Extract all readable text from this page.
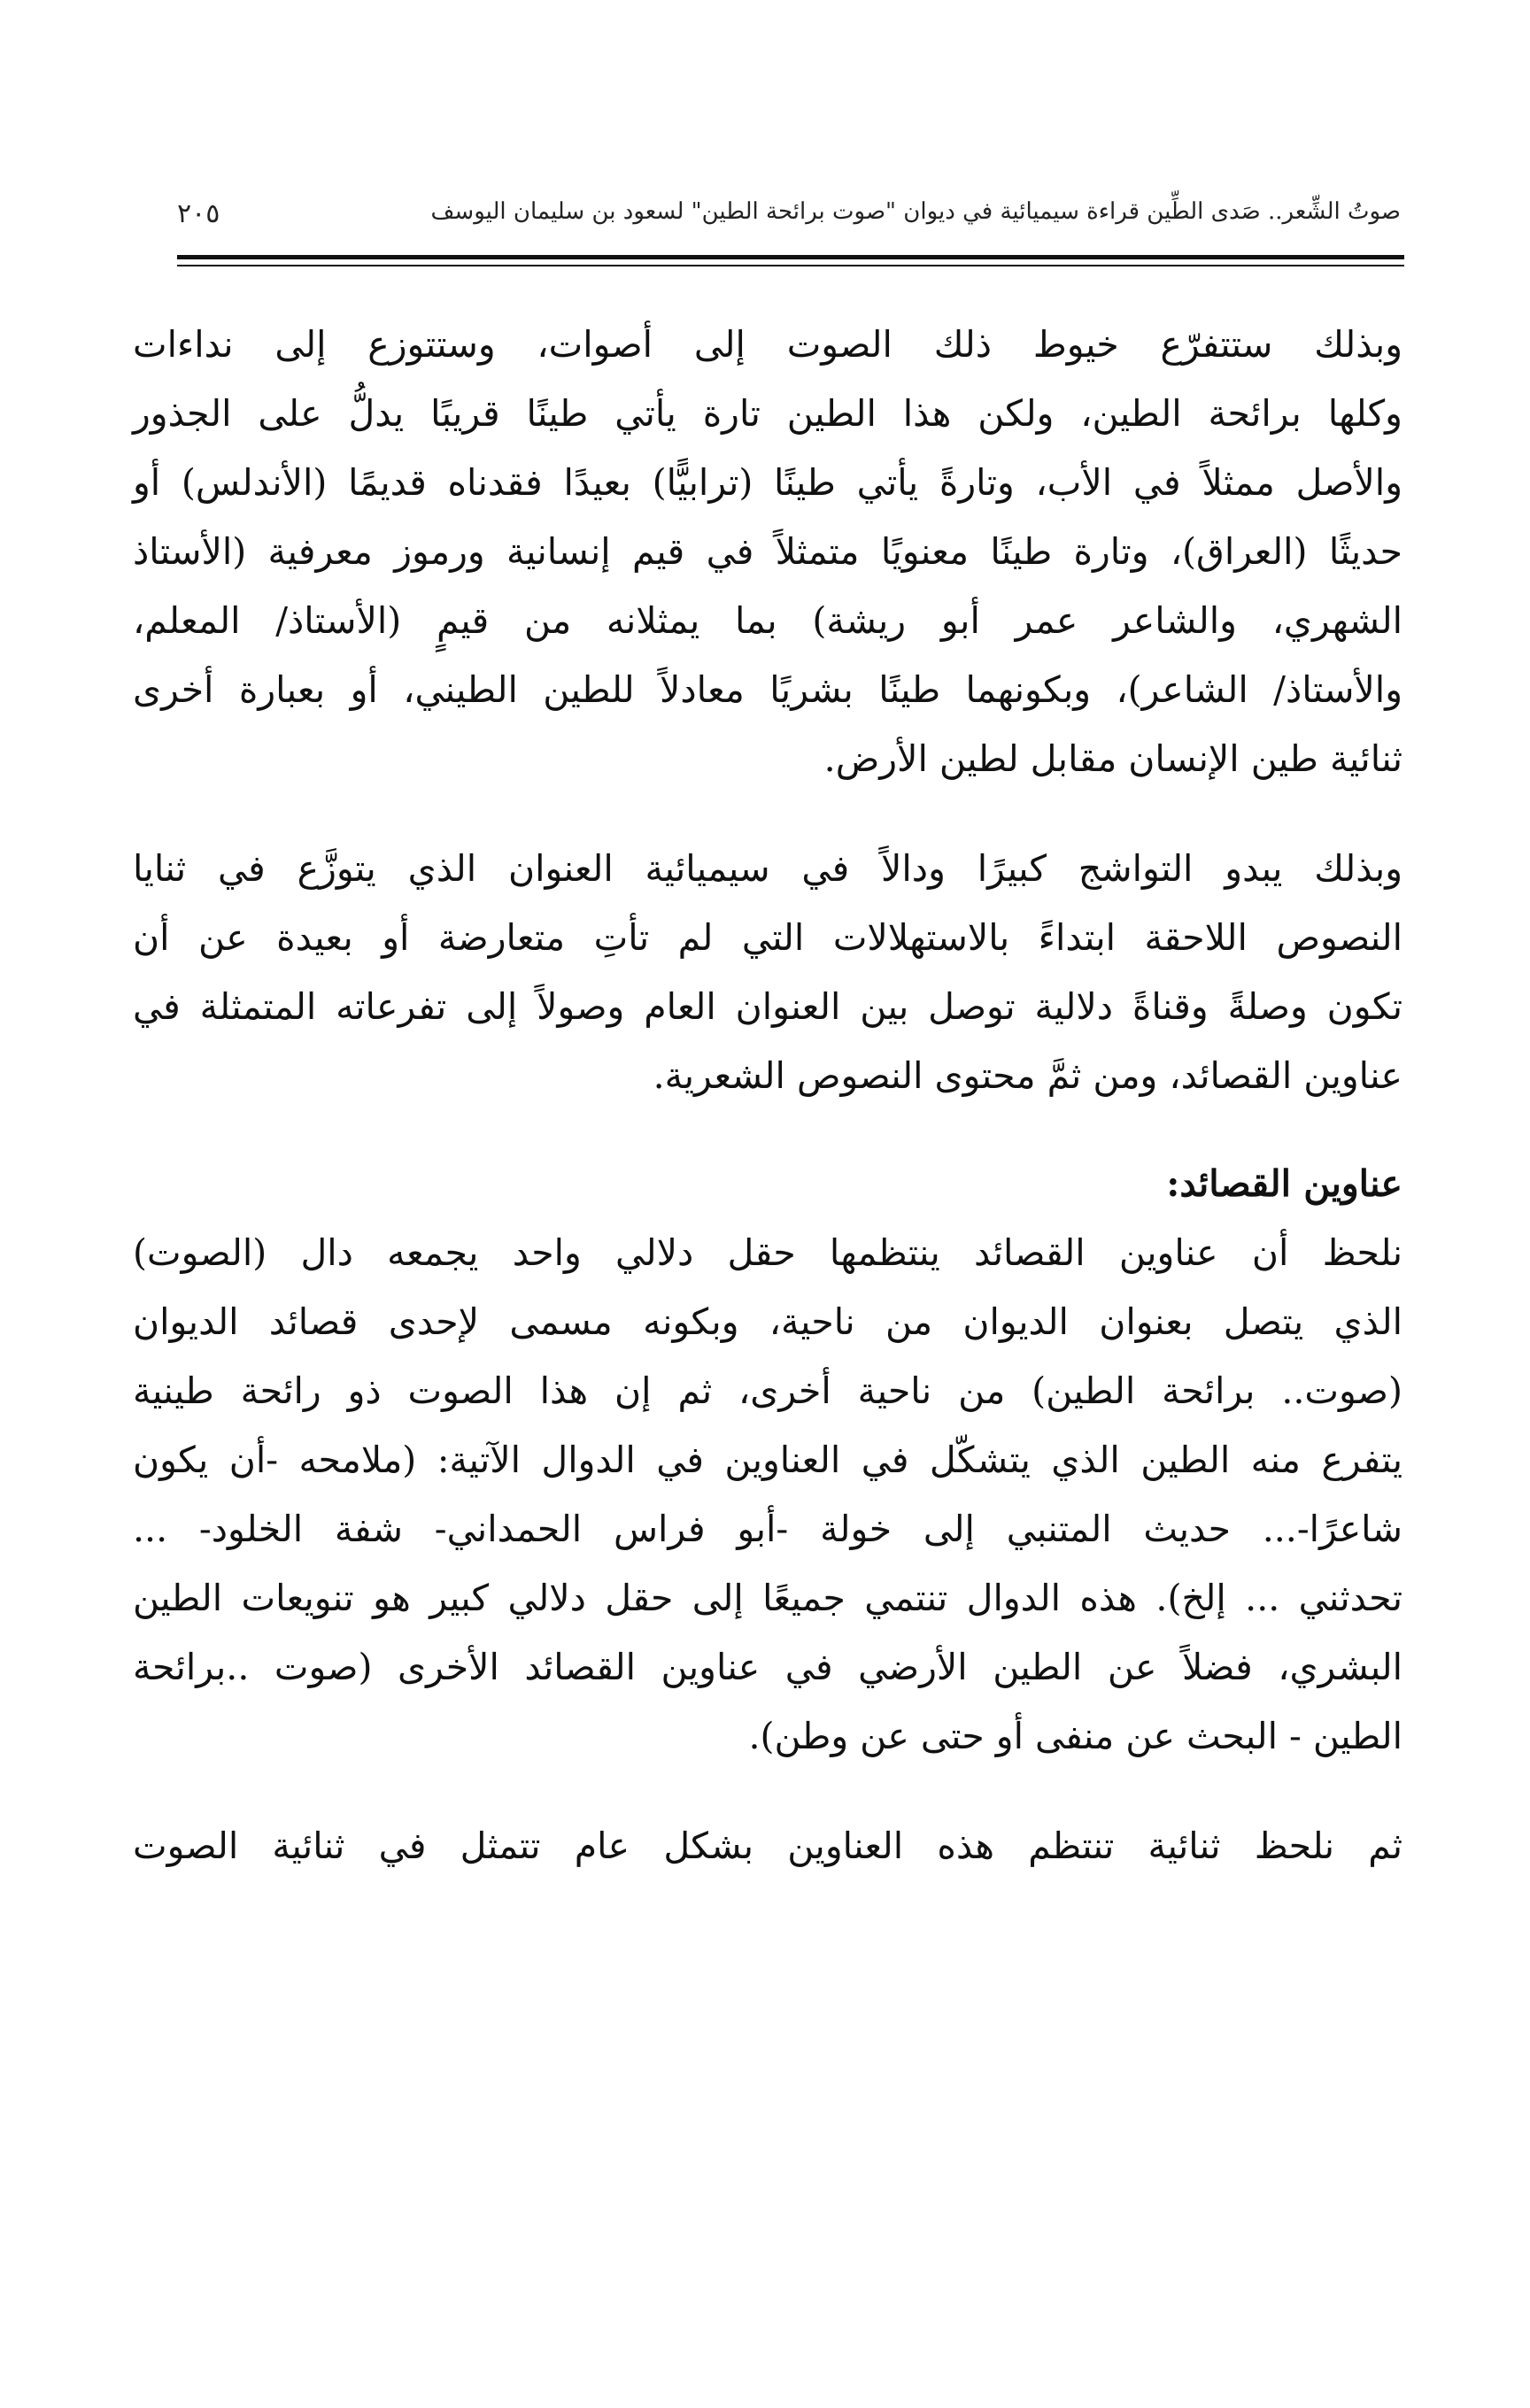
صوتُ الشِّعر.. صَدى الطِّين قراءة سيميائية في ديوان "صوت برائحة الطين" لسعود بن سليمان اليوسف
٢٠٥
وبذلك ستتفرّع خيوط ذلك الصوت إلى أصوات، وستتوزع إلى نداءات
وكلها برائحة الطين، ولكن هذا الطين تارة يأتي طينًا قريبًا يدلُّ على الجذور
والأصل ممثلاً في الأب، وتارةً يأتي طينًا (ترابيًّا) بعيدًا فقدناه قديمًا (الأندلس) أو
حديثًا (العراق)، وتارة طينًا معنويًا متمثلاً في قيم إنسانية ورموز معرفية (الأستاذ
الشهري، والشاعر عمر أبو ريشة) بما يمثلانه من قيمٍ (الأستاذ/ المعلم،
والأستاذ/ الشاعر)، وبكونهما طينًا بشريًا معادلاً للطين الطيني، أو بعبارة أخرى
ثنائية طين الإنسان مقابل لطين الأرض.
وبذلك يبدو التواشج كبيرًا ودالاً في سيميائية العنوان الذي يتوزَّع في ثنايا
النصوص اللاحقة ابتداءً بالاستهلالات التي لم تأتِ متعارضة أو بعيدة عن أن
تكون وصلةً وقناةً دلالية توصل بين العنوان العام وصولاً إلى تفرعاته المتمثلة في
عناوين القصائد، ومن ثمَّ محتوى النصوص الشعرية.
عناوين القصائد:
نلحظ أن عناوين القصائد ينتظمها حقل دلالي واحد يجمعه دال (الصوت)
الذي يتصل بعنوان الديوان من ناحية، وبكونه مسمى لإحدى قصائد الديوان
(صوت.. برائحة الطين) من ناحية أخرى، ثم إن هذا الصوت ذو رائحة طينية
يتفرع منه الطين الذي يتشكّل في العناوين في الدوال الآتية: (ملامحه -أن يكون
شاعرًا-... حديث المتنبي إلى خولة -أبو فراس الحمداني- شفة الخلود- ...
تحدثني ... إلخ). هذه الدوال تنتمي جميعًا إلى حقل دلالي كبير هو تنويعات الطين
البشري، فضلاً عن الطين الأرضي في عناوين القصائد الأخرى (صوت ..برائحة
الطين - البحث عن منفى أو حتى عن وطن).
ثم نلحظ ثنائية تنتظم هذه العناوين بشكل عام تتمثل في ثنائية الصوت
